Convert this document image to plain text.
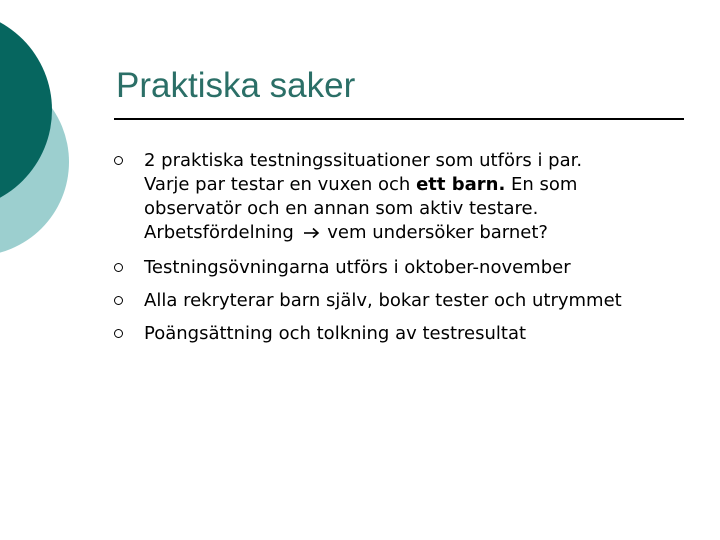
Praktiska saker
2 praktiska testningssituationer som utförs i par.
Varje par testar en vuxen och ett barn. En som
observatör och en annan som aktiv testare.
Arbetsfördelning  vem undersöker barnet?
Testningsövningarna utförs i oktober-november
Alla rekryterar barn själv, bokar tester och utrymmet
Poängsättning och tolkning av testresultat
